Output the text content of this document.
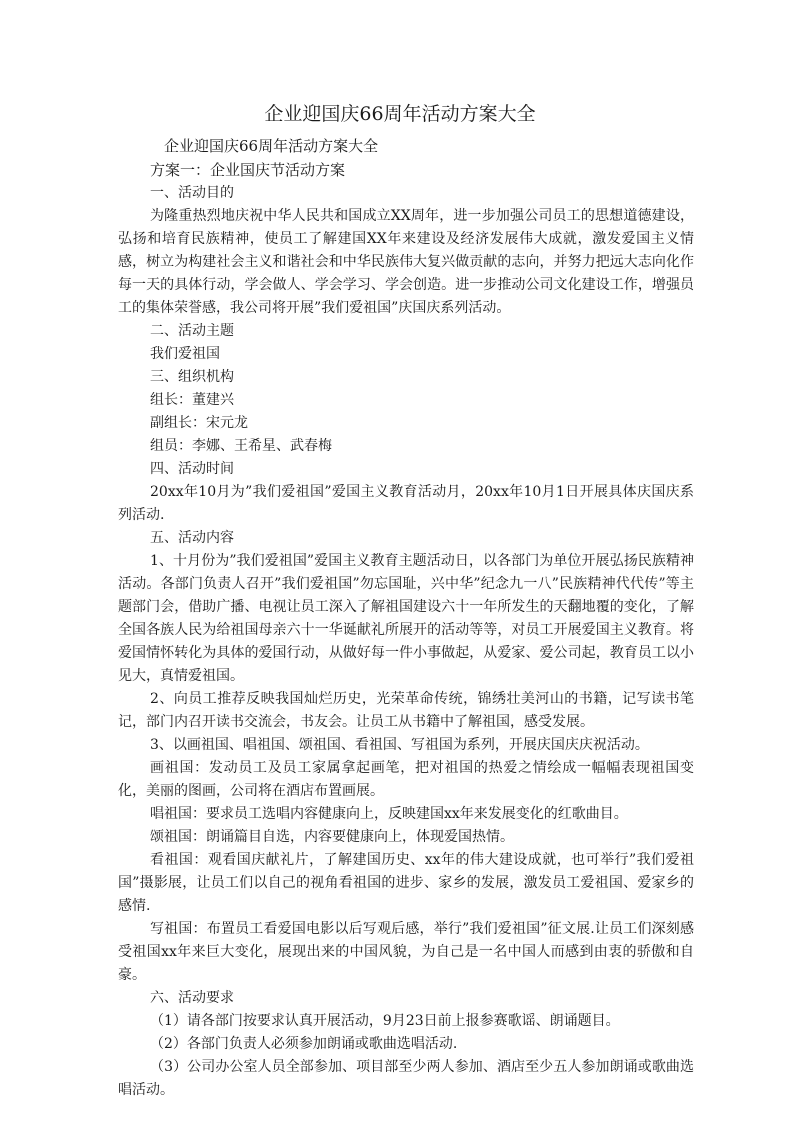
企业迎国庆66周年活动方案大全

企业迎国庆66周年活动方案大全

方案一：企业国庆节活动方案

一、活动目的

为隆重热烈地庆祝中华人民共和国成立XX周年，进一步加强公司员工的思想道德建设，弘扬和培育民族精神，使员工了解建国XX年来建设及经济发展伟大成就，激发爱国主义情感，树立为构建社会主义和谐社会和中华民族伟大复兴做贡献的志向，并努力把远大志向化作每一天的具体行动，学会做人、学会学习、学会创造。进一步推动公司文化建设工作，增强员工的集体荣誉感，我公司将开展”我们爱祖国”庆国庆系列活动。

二、活动主题

我们爱祖国

三、组织机构

组长：董建兴

副组长：宋元龙

组员：李娜、王希星、武春梅

四、活动时间

20xx年10月为”我们爱祖国”爱国主义教育活动月，20xx年10月1日开展具体庆国庆系列活动.

五、活动内容

1、十月份为”我们爱祖国”爱国主义教育主题活动日，以各部门为单位开展弘扬民族精神活动。各部门负责人召开”我们爱祖国”勿忘国耻，兴中华”纪念九一八”民族精神代代传”等主题部门会，借助广播、电视让员工深入了解祖国建设六十一年所发生的天翻地覆的变化，了解全国各族人民为给祖国母亲六十一华诞献礼所展开的活动等等，对员工开展爱国主义教育。将爱国情怀转化为具体的爱国行动，从做好每一件小事做起，从爱家、爱公司起，教育员工以小见大，真情爱祖国。

2、向员工推荐反映我国灿烂历史，光荣革命传统，锦绣壮美河山的书籍，记写读书笔记，部门内召开读书交流会，书友会。让员工从书籍中了解祖国，感受发展。

3、以画祖国、唱祖国、颂祖国、看祖国、写祖国为系列，开展庆国庆庆祝活动。

画祖国：发动员工及员工家属拿起画笔，把对祖国的热爱之情绘成一幅幅表现祖国变化，美丽的图画，公司将在酒店布置画展。

唱祖国：要求员工选唱内容健康向上，反映建国xx年来发展变化的红歌曲目。

颂祖国：朗诵篇目自选，内容要健康向上，体现爱国热情。

看祖国：观看国庆献礼片，了解建国历史、xx年的伟大建设成就，也可举行”我们爱祖国”摄影展，让员工们以自己的视角看祖国的进步、家乡的发展，激发员工爱祖国、爱家乡的感情.

写祖国：布置员工看爱国电影以后写观后感，举行”我们爱祖国”征文展.让员工们深刻感受祖国xx年来巨大变化，展现出来的中国风貌，为自己是一名中国人而感到由衷的骄傲和自豪。

六、活动要求

（1）请各部门按要求认真开展活动，9月23日前上报参赛歌谣、朗诵题目。

（2）各部门负责人必须参加朗诵或歌曲选唱活动.

（3）公司办公室人员全部参加、项目部至少两人参加、酒店至少五人参加朗诵或歌曲选唱活动。
